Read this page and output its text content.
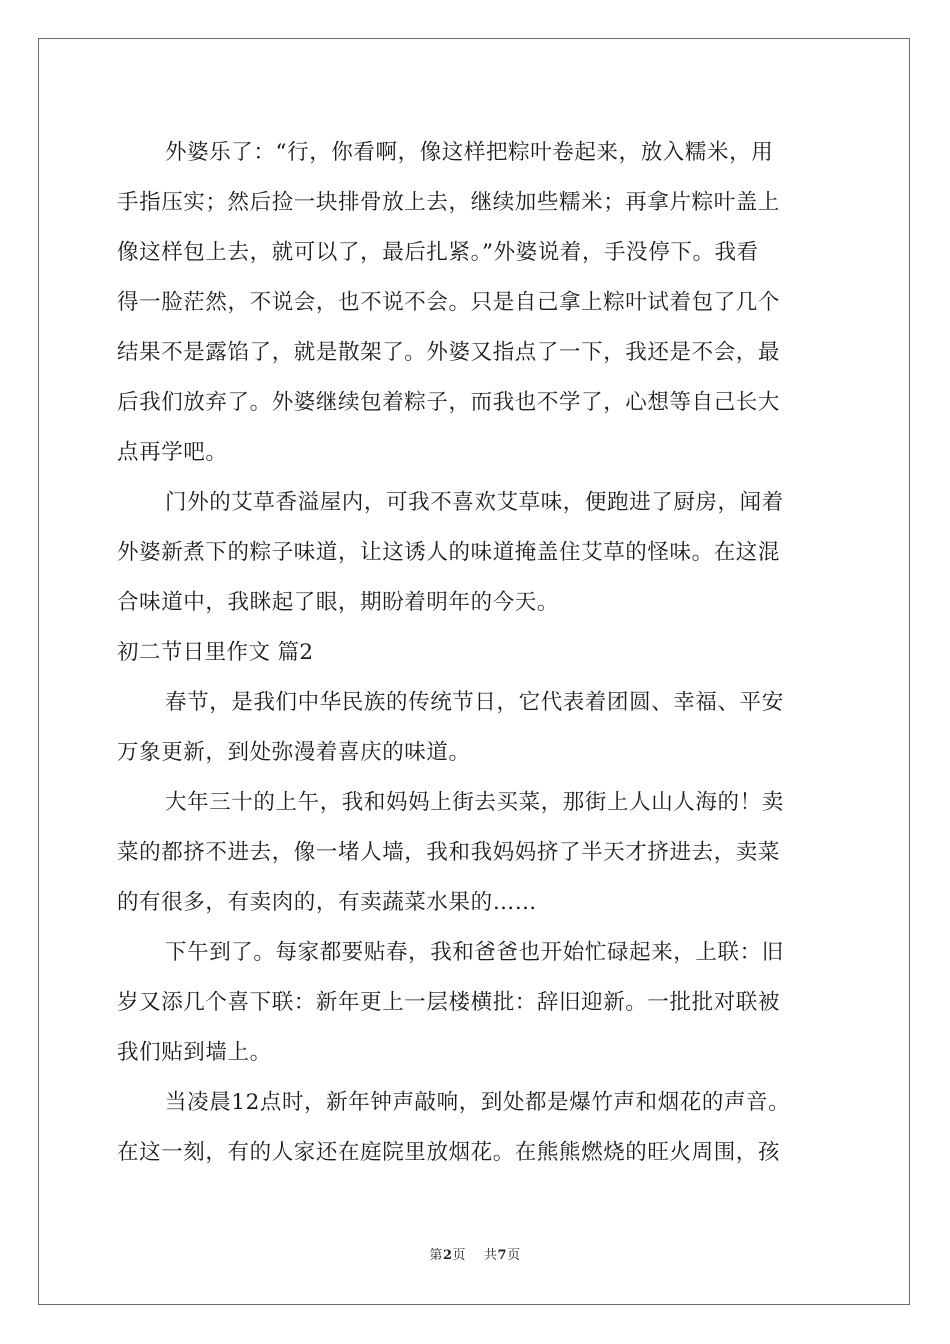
外婆乐了：“行，你看啊，像这样把粽叶卷起来，放入糯米，用
手指压实；然后捡一块排骨放上去，继续加些糯米；再拿片粽叶盖上
像这样包上去，就可以了，最后扎紧。”外婆说着，手没停下。我看
得一脸茫然，不说会，也不说不会。只是自己拿上粽叶试着包了几个
结果不是露馅了，就是散架了。外婆又指点了一下，我还是不会，最
后我们放弃了。外婆继续包着粽子，而我也不学了，心想等自己长大
点再学吧。
门外的艾草香溢屋内，可我不喜欢艾草味，便跑进了厨房，闻着
外婆新煮下的粽子味道，让这诱人的味道掩盖住艾草的怪味。在这混
合味道中，我眯起了眼，期盼着明年的今天。
初二节日里作文 篇2
春节，是我们中华民族的传统节日，它代表着团圆、幸福、平安
万象更新，到处弥漫着喜庆的味道。
大年三十的上午，我和妈妈上街去买菜，那街上人山人海的！卖
菜的都挤不进去，像一堵人墙，我和我妈妈挤了半天才挤进去，卖菜
的有很多，有卖肉的，有卖蔬菜水果的……
下午到了。每家都要贴春，我和爸爸也开始忙碌起来，上联：旧
岁又添几个喜下联：新年更上一层楼横批：辞旧迎新。一批批对联被
我们贴到墙上。
当凌晨12点时，新年钟声敲响，到处都是爆竹声和烟花的声音。
在这一刻，有的人家还在庭院里放烟花。在熊熊燃烧的旺火周围，孩
第2页 共7页
